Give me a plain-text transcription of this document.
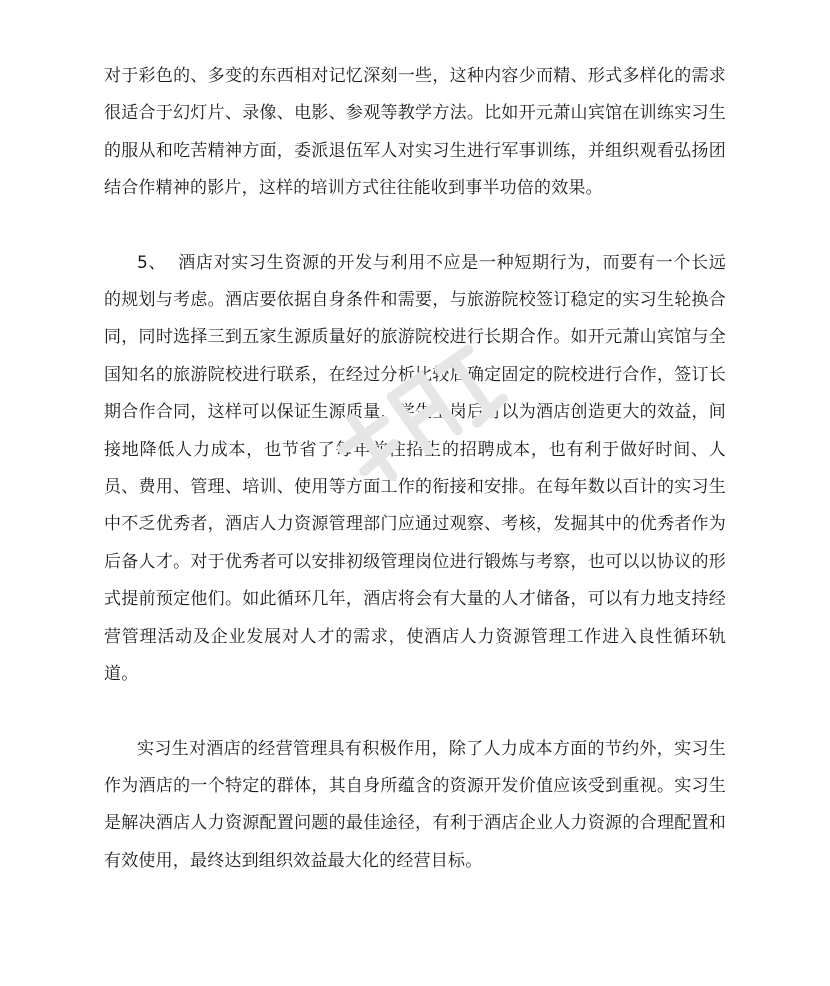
对于彩色的、多变的东西相对记忆深刻一些，这种内容少而精、形式多样化的需求很适合于幻灯片、录像、电影、参观等教学方法。比如开元萧山宾馆在训练实习生的服从和吃苦精神方面，委派退伍军人对实习生进行军事训练，并组织观看弘扬团结合作精神的影片，这样的培训方式往往能收到事半功倍的效果。

5、 酒店对实习生资源的开发与利用不应是一种短期行为，而要有一个长远的规划与考虑。酒店要依据自身条件和需要，与旅游院校签订稳定的实习生轮换合同，同时选择三到五家生源质量好的旅游院校进行长期合作。如开元萧山宾馆与全国知名的旅游院校进行联系，在经过分析比较后确定固定的院校进行合作，签订长期合作合同，这样可以保证生源质量，学生上岗后可以为酒店创造更大的效益，间接地降低人力成本，也节省了每年前往招生的招聘成本，也有利于做好时间、人员、费用、管理、培训、使用等方面工作的衔接和安排。在每年数以百计的实习生中不乏优秀者，酒店人力资源管理部门应通过观察、考核，发掘其中的优秀者作为后备人才。对于优秀者可以安排初级管理岗位进行锻炼与考察，也可以以协议的形式提前预定他们。如此循环几年，酒店将会有大量的人才储备，可以有力地支持经营管理活动及企业发展对人才的需求，使酒店人力资源管理工作进入良性循环轨道。

实习生对酒店的经营管理具有积极作用，除了人力成本方面的节约外，实习生作为酒店的一个特定的群体，其自身所蕴含的资源开发价值应该受到重视。实习生是解决酒店人力资源配置问题的最佳途径，有利于酒店企业人力资源的合理配置和有效使用，最终达到组织效益最大化的经营目标。
